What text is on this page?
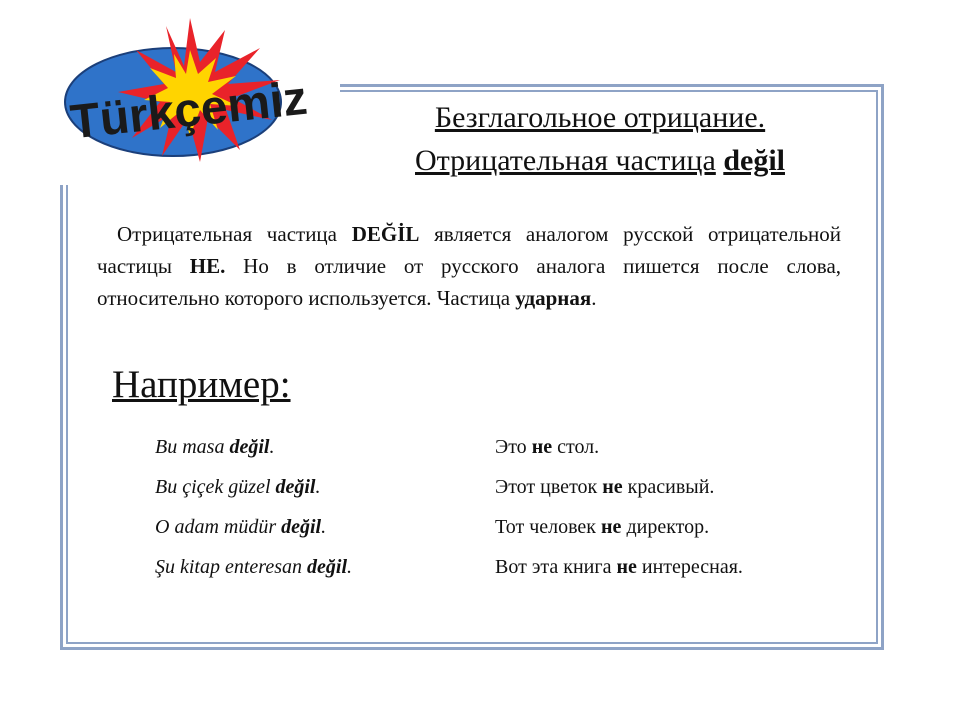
Türkçemiz	Безглагольное отрицание.
Отрицательная частица değil
Отрицательная частица DEĞİL является аналогом русской отрицательной частицы НЕ. Но в отличие от русского аналога пишется после слова, относительно которого используется. Частица ударная.
Например:
Bu masa değil.	Это не стол.
Bu çiçek güzel değil.	Этот цветок не красивый.
O adam müdür değil.	Тот человек не директор.
Şu kitap enteresan değil.	Вот эта книга не интересная.
